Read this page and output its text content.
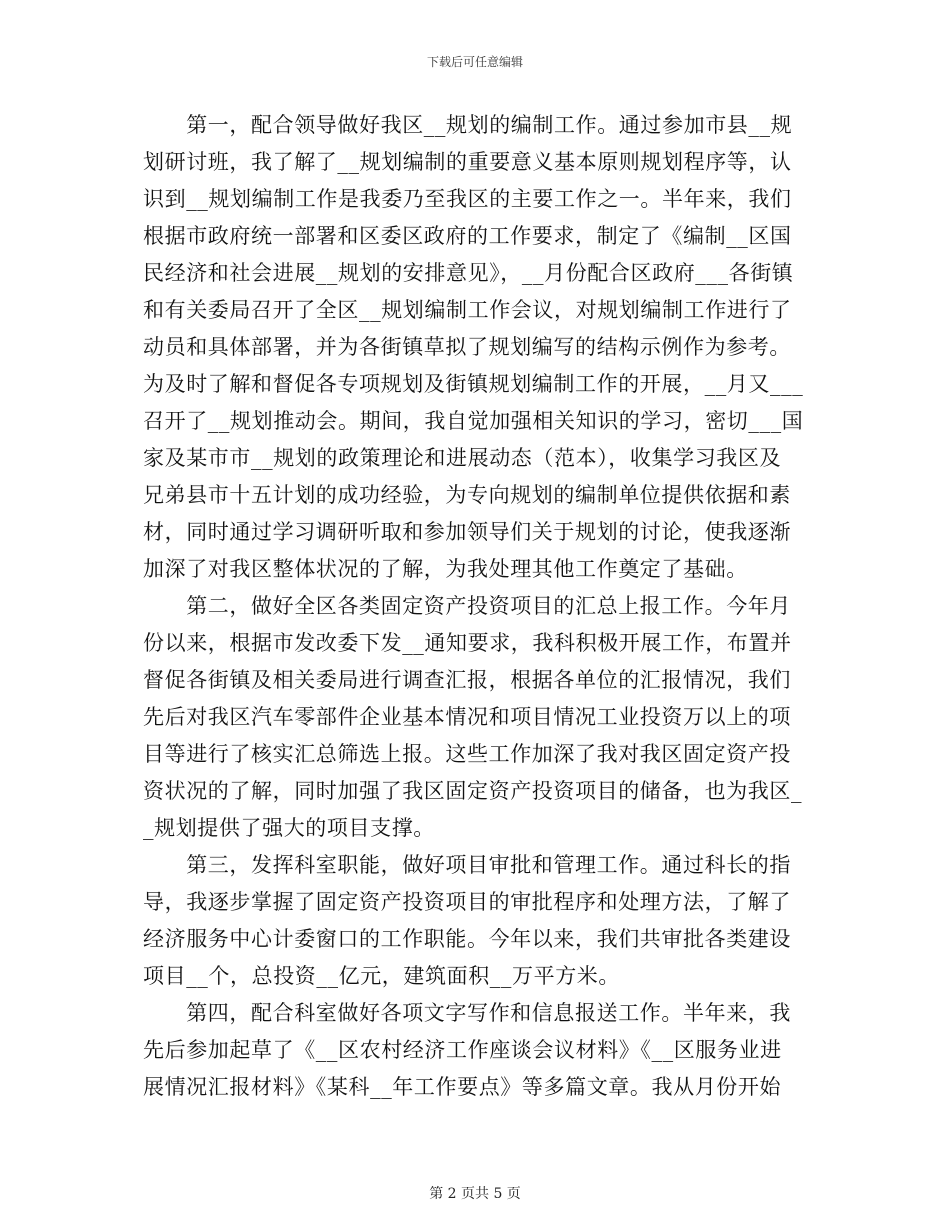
下载后可任意编辑
　　第一，配合领导做好我区__规划的编制工作。通过参加市县__规
划研讨班，我了解了__规划编制的重要意义基本原则规划程序等，认
识到__规划编制工作是我委乃至我区的主要工作之一。半年来，我们
根据市政府统一部署和区委区政府的工作要求，制定了《编制__区国
民经济和社会进展__规划的安排意见》，__月份配合区政府___各街镇
和有关委局召开了全区__规划编制工作会议，对规划编制工作进行了
动员和具体部署，并为各街镇草拟了规划编写的结构示例作为参考。
为及时了解和督促各专项规划及街镇规划编制工作的开展，__月又___
召开了__规划推动会。期间，我自觉加强相关知识的学习，密切___国
家及某市市__规划的政策理论和进展动态（范本），收集学习我区及
兄弟县市十五计划的成功经验，为专向规划的编制单位提供依据和素
材，同时通过学习调研听取和参加领导们关于规划的讨论，使我逐渐
加深了对我区整体状况的了解，为我处理其他工作奠定了基础。
　　第二，做好全区各类固定资产投资项目的汇总上报工作。今年月
份以来，根据市发改委下发__通知要求，我科积极开展工作，布置并
督促各街镇及相关委局进行调查汇报，根据各单位的汇报情况，我们
先后对我区汽车零部件企业基本情况和项目情况工业投资万以上的项
目等进行了核实汇总筛选上报。这些工作加深了我对我区固定资产投
资状况的了解，同时加强了我区固定资产投资项目的储备，也为我区_
_规划提供了强大的项目支撑。
　　第三，发挥科室职能，做好项目审批和管理工作。通过科长的指
导，我逐步掌握了固定资产投资项目的审批程序和处理方法，了解了
经济服务中心计委窗口的工作职能。今年以来，我们共审批各类建设
项目__个，总投资__亿元，建筑面积__万平方米。
　　第四，配合科室做好各项文字写作和信息报送工作。半年来，我
先后参加起草了《__区农村经济工作座谈会议材料》《__区服务业进
展情况汇报材料》《某科__年工作要点》等多篇文章。我从月份开始
第 2 页共 5 页
